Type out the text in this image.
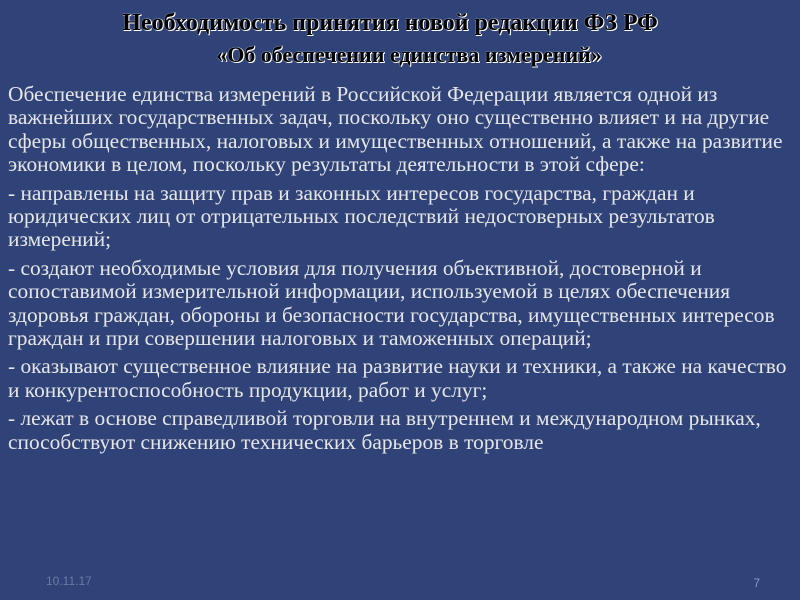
Необходимость принятия новой редакции ФЗ РФ
«Об обеспечении единства измерений»

Обеспечение единства измерений в Российской Федерации является одной из важнейших государственных задач, поскольку оно существенно влияет и на другие сферы общественных, налоговых и имущественных отношений, а также на развитие экономики в целом, поскольку результаты деятельности в этой сфере:

- направлены на защиту прав и законных интересов государства, граждан и юридических лиц от отрицательных последствий недостоверных результатов измерений;

- создают необходимые условия для получения объективной, достоверной и сопоставимой измерительной информации, используемой в целях обеспечения здоровья граждан, обороны и безопасности государства, имущественных интересов граждан и при совершении налоговых и таможенных операций;

- оказывают существенное влияние на развитие науки и техники, а также на качество и конкурентоспособность продукции, работ и услуг;

- лежат в основе справедливой торговли на внутреннем и международном рынках, способствуют снижению технических барьеров в торговле

10.11.17	7
